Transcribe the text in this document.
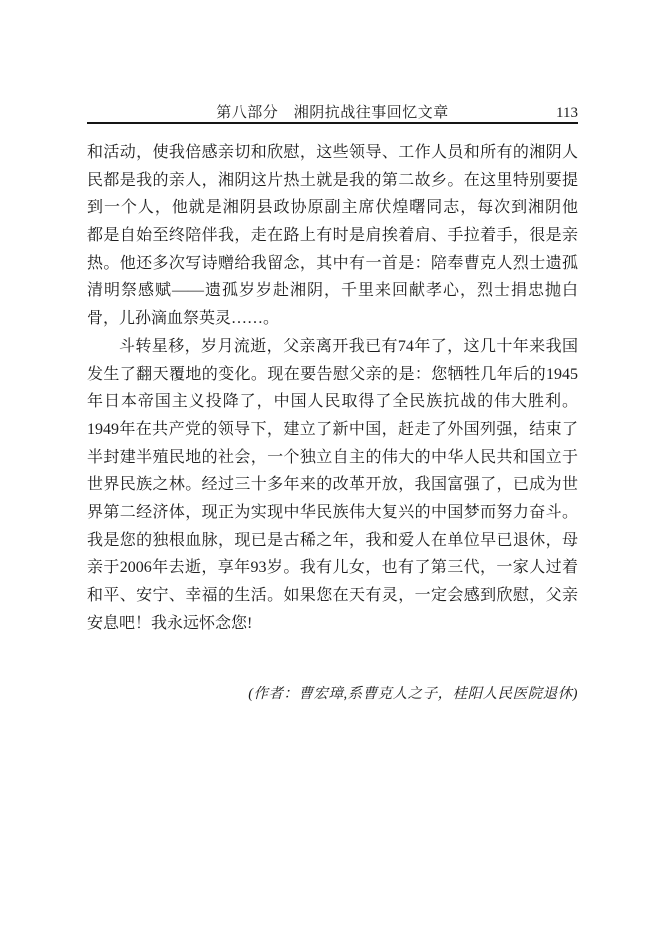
第八部分　湘阴抗战往事回忆文章	113
和活动，使我倍感亲切和欣慰，这些领导、工作人员和所有的湘阴人
民都是我的亲人，湘阴这片热土就是我的第二故乡。在这里特别要提
到一个人，他就是湘阴县政协原副主席伏煌曙同志，每次到湘阴他
都是自始至终陪伴我，走在路上有时是肩挨着肩、手拉着手，很是亲
热。他还多次写诗赠给我留念，其中有一首是：陪奉曹克人烈士遗孤
清明祭感赋——遗孤岁岁赴湘阴，千里来回献孝心，烈士捐忠抛白
骨，儿孙滴血祭英灵……。
斗转星移，岁月流逝，父亲离开我已有74年了，这几十年来我国
发生了翻天覆地的变化。现在要告慰父亲的是：您牺牲几年后的1945
年日本帝国主义投降了，中国人民取得了全民族抗战的伟大胜利。
1949年在共产党的领导下，建立了新中国，赶走了外国列强，结束了
半封建半殖民地的社会，一个独立自主的伟大的中华人民共和国立于
世界民族之林。经过三十多年来的改革开放，我国富强了，已成为世
界第二经济体，现正为实现中华民族伟大复兴的中国梦而努力奋斗。
我是您的独根血脉，现已是古稀之年，我和爱人在单位早已退休，母
亲于2006年去逝，享年93岁。我有儿女，也有了第三代，一家人过着
和平、安宁、幸福的生活。如果您在天有灵，一定会感到欣慰，父亲
安息吧！我永远怀念您!
(作者：曹宏璋,系曹克人之子，桂阳人民医院退休)
